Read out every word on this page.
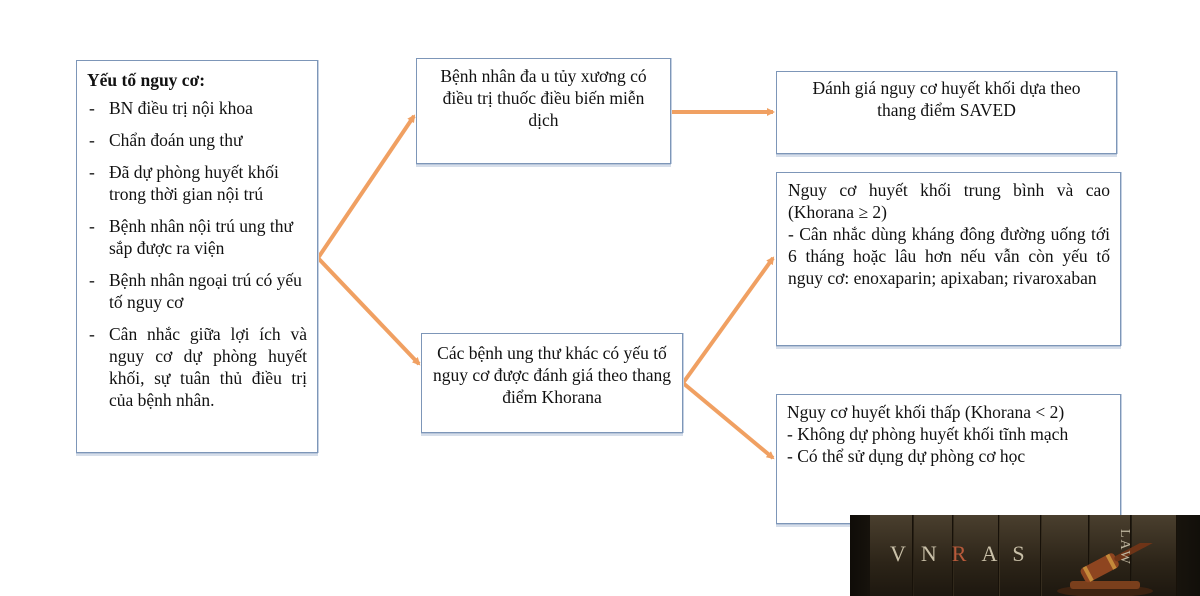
Yếu tố nguy cơ:
- BN điều trị nội khoa
- Chẩn đoán ung thư
- Đã dự phòng huyết khối trong thời gian nội trú
- Bệnh nhân nội trú ung thư sắp được ra viện
- Bệnh nhân ngoại trú có yếu tố nguy cơ
- Cân nhắc giữa lợi ích và nguy cơ dự phòng huyết khối, sự tuân thủ điều trị của bệnh nhân.
Bệnh nhân đa u tủy xương có điều trị thuốc điều biến miễn dịch
Các bệnh ung thư khác có yếu tố nguy cơ được đánh giá theo thang điểm Khorana
Đánh giá nguy cơ huyết khối dựa theo thang điểm SAVED

Nguy cơ huyết khối trung bình và cao (Khorana ≥ 2)

- Cân nhắc dùng kháng đông đường uống tới 6 tháng hoặc lâu hơn nếu vẫn còn yếu tố nguy cơ: enoxaparin; apixaban; rivaroxaban

Nguy cơ huyết khối thấp (Khorana < 2)

- Không dự phòng huyết khối tĩnh mạch

- Có thể sử dụng dự phòng cơ học

VNRAS	LAW
